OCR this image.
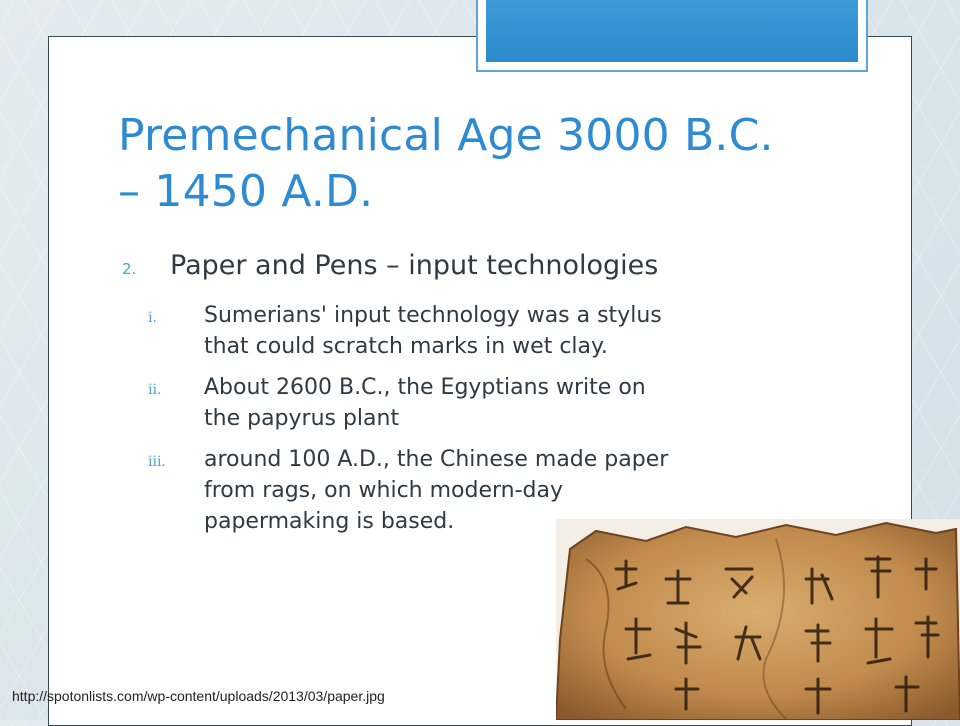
Premechanical Age 3000 B.C.
– 1450 A.D.
2.	Paper and Pens – input technologies
i.	Sumerians' input technology was a stylus
that could scratch marks in wet clay.
ii.	About 2600 B.C., the Egyptians write on
the papyrus plant
iii.	around 100 A.D., the Chinese made paper
from rags, on which modern-day
papermaking is based.
http://spotonlists.com/wp-content/uploads/2013/03/paper.jpg
